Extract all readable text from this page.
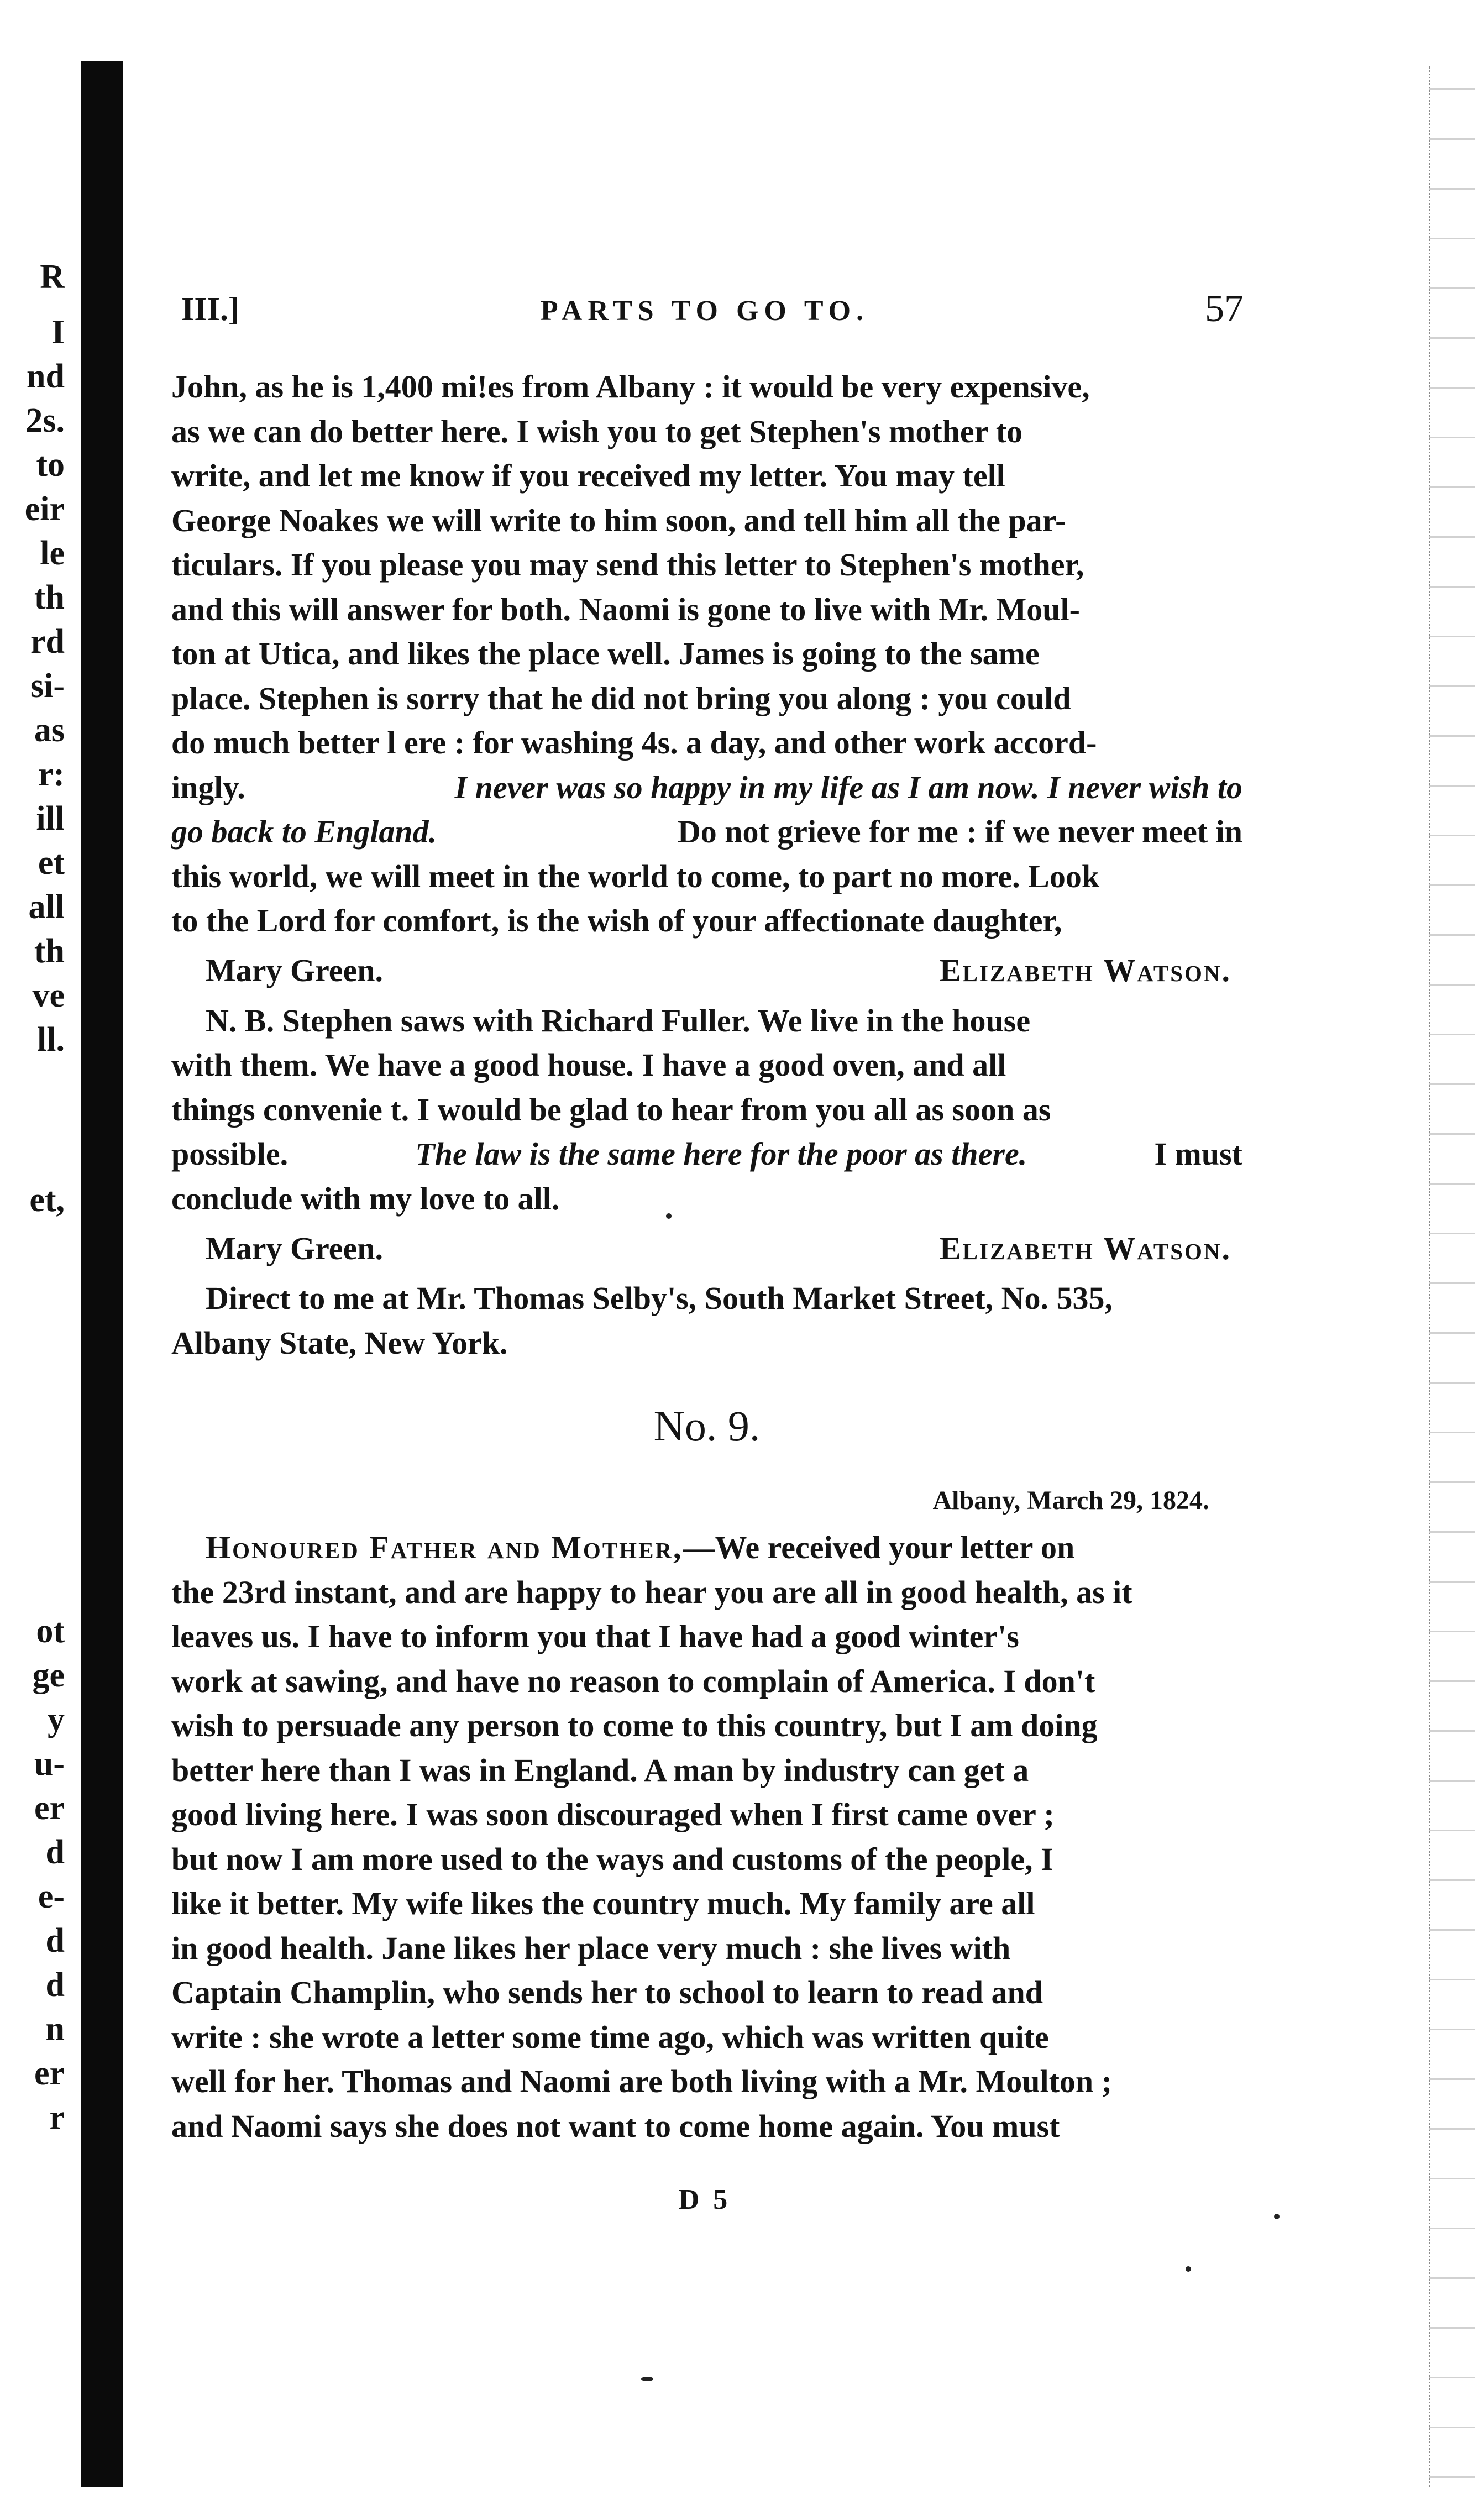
R
I
nd
2s.
to
eir
le
th
rd
si-
as
r:
ill
et
all
th
ve
ll.
et,
ot
ge
y
u-
er
d
e-
d
d
n
er
r
III.]	PARTS TO GO TO.	57
John, as he is 1,400 mi!es from Albany : it would be very expensive,
as we can do better here. I wish you to get Stephen's mother to
write, and let me know if you received my letter. You may tell
George Noakes we will write to him soon, and tell him all the par-
ticulars. If you please you may send this letter to Stephen's mother,
and this will answer for both. Naomi is gone to live with Mr. Moul-
ton at Utica, and likes the place well. James is going to the same
place. Stephen is sorry that he did not bring you along : you could
do much better l ere : for washing 4s. a day, and other work accord-
ingly.	I never was so happy in my life as I am now. I never wish to
go back to England.	Do not grieve for me : if we never meet in
this world, we will meet in the world to come, to part no more. Look
to the Lord for comfort, is the wish of your affectionate daughter,
Mary Green.	Elizabeth Watson.
N. B. Stephen saws with Richard Fuller. We live in the house
with them. We have a good house. I have a good oven, and all
things convenie t. I would be glad to hear from you all as soon as
possible.	The law is the same here for the poor as there.	I must
conclude with my love to all.
Mary Green.	Elizabeth Watson.
Direct to me at Mr. Thomas Selby's, South Market Street, No. 535,
Albany State, New York.
No. 9.
Albany, March 29, 1824.
Honoured Father and Mother, —We received your letter on
the 23rd instant, and are happy to hear you are all in good health, as it
leaves us. I have to inform you that I have had a good winter's
work at sawing, and have no reason to complain of America. I don't
wish to persuade any person to come to this country, but I am doing
better here than I was in England. A man by industry can get a
good living here. I was soon discouraged when I first came over ;
but now I am more used to the ways and customs of the people, I
like it better. My wife likes the country much. My family are all
in good health. Jane likes her place very much : she lives with
Captain Champlin, who sends her to school to learn to read and
write : she wrote a letter some time ago, which was written quite
well for her. Thomas and Naomi are both living with a Mr. Moulton ;
and Naomi says she does not want to come home again. You must
D 5
